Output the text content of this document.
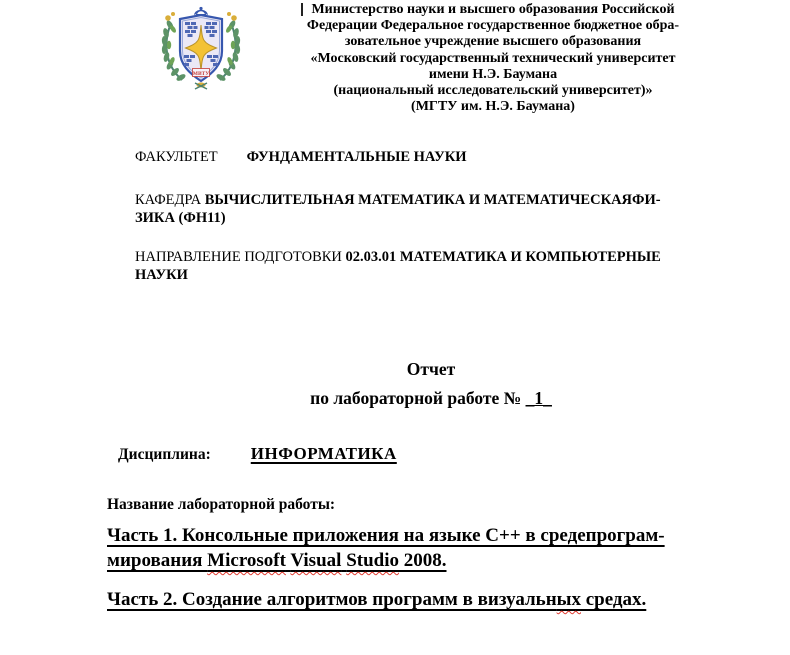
МВТУ
Министерство науки и высшего образования Российской
Федерации Федеральное государственное бюджетное обра-
зовательное учреждение высшего образования
«Московский государственный технический университет
имени Н.Э. Баумана
(национальный исследовательский университет)»
(МГТУ им. Н.Э. Баумана)
ФАКУЛЬТЕТ ФУНДАМЕНТАЛЬНЫЕ НАУКИ
КАФЕДРА ВЫЧИСЛИТЕЛЬНАЯ МАТЕМАТИКА И МАТЕМАТИЧЕСКАЯФИ-
ЗИКА (ФН11)
НАПРАВЛЕНИЕ ПОДГОТОВКИ 02.03.01 МАТЕМАТИКА И КОМПЬЮТЕРНЫЕ
НАУКИ
Отчет
по лабораторной работе № _1_
Дисциплина: ИНФОРМАТИКА
Название лабораторной работы:
Часть 1. Консольные приложения на языке C++ в средепрограм-
мирования Microsoft Visual Studio 2008.
Часть 2. Создание алгоритмов программ в визуальных средах.
